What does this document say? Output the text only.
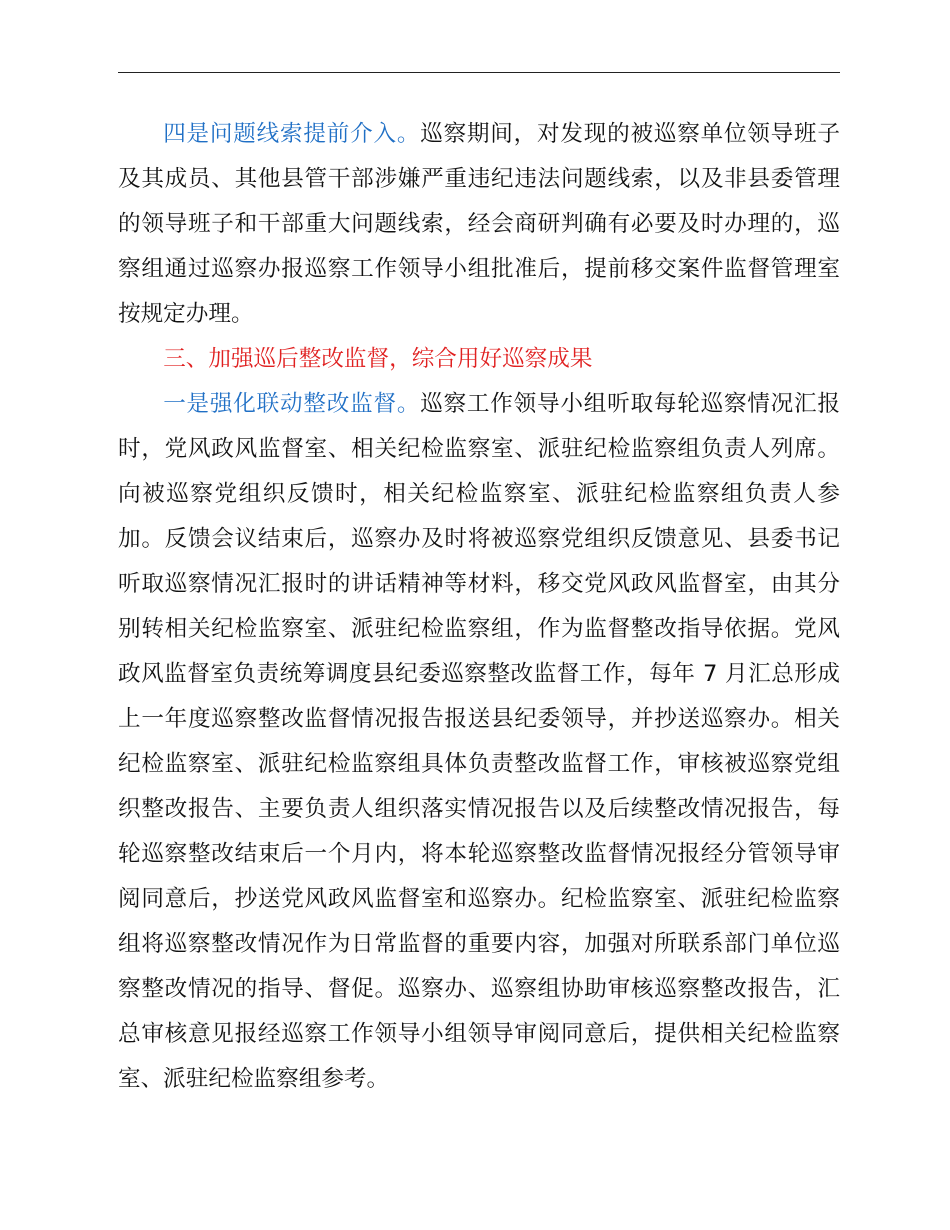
四是问题线索提前介入。巡察期间，对发现的被巡察单位领导班子及其成员、其他县管干部涉嫌严重违纪违法问题线索，以及非县委管理的领导班子和干部重大问题线索，经会商研判确有必要及时办理的，巡察组通过巡察办报巡察工作领导小组批准后，提前移交案件监督管理室按规定办理。

三、加强巡后整改监督，综合用好巡察成果

一是强化联动整改监督。巡察工作领导小组听取每轮巡察情况汇报时，党风政风监督室、相关纪检监察室、派驻纪检监察组负责人列席。向被巡察党组织反馈时，相关纪检监察室、派驻纪检监察组负责人参加。反馈会议结束后，巡察办及时将被巡察党组织反馈意见、县委书记听取巡察情况汇报时的讲话精神等材料，移交党风政风监督室，由其分别转相关纪检监察室、派驻纪检监察组，作为监督整改指导依据。党风政风监督室负责统筹调度县纪委巡察整改监督工作，每年 7 月汇总形成上一年度巡察整改监督情况报告报送县纪委领导，并抄送巡察办。相关纪检监察室、派驻纪检监察组具体负责整改监督工作，审核被巡察党组织整改报告、主要负责人组织落实情况报告以及后续整改情况报告，每轮巡察整改结束后一个月内，将本轮巡察整改监督情况报经分管领导审阅同意后，抄送党风政风监督室和巡察办。纪检监察室、派驻纪检监察组将巡察整改情况作为日常监督的重要内容，加强对所联系部门单位巡察整改情况的指导、督促。巡察办、巡察组协助审核巡察整改报告，汇总审核意见报经巡察工作领导小组领导审阅同意后，提供相关纪检监察室、派驻纪检监察组参考。
